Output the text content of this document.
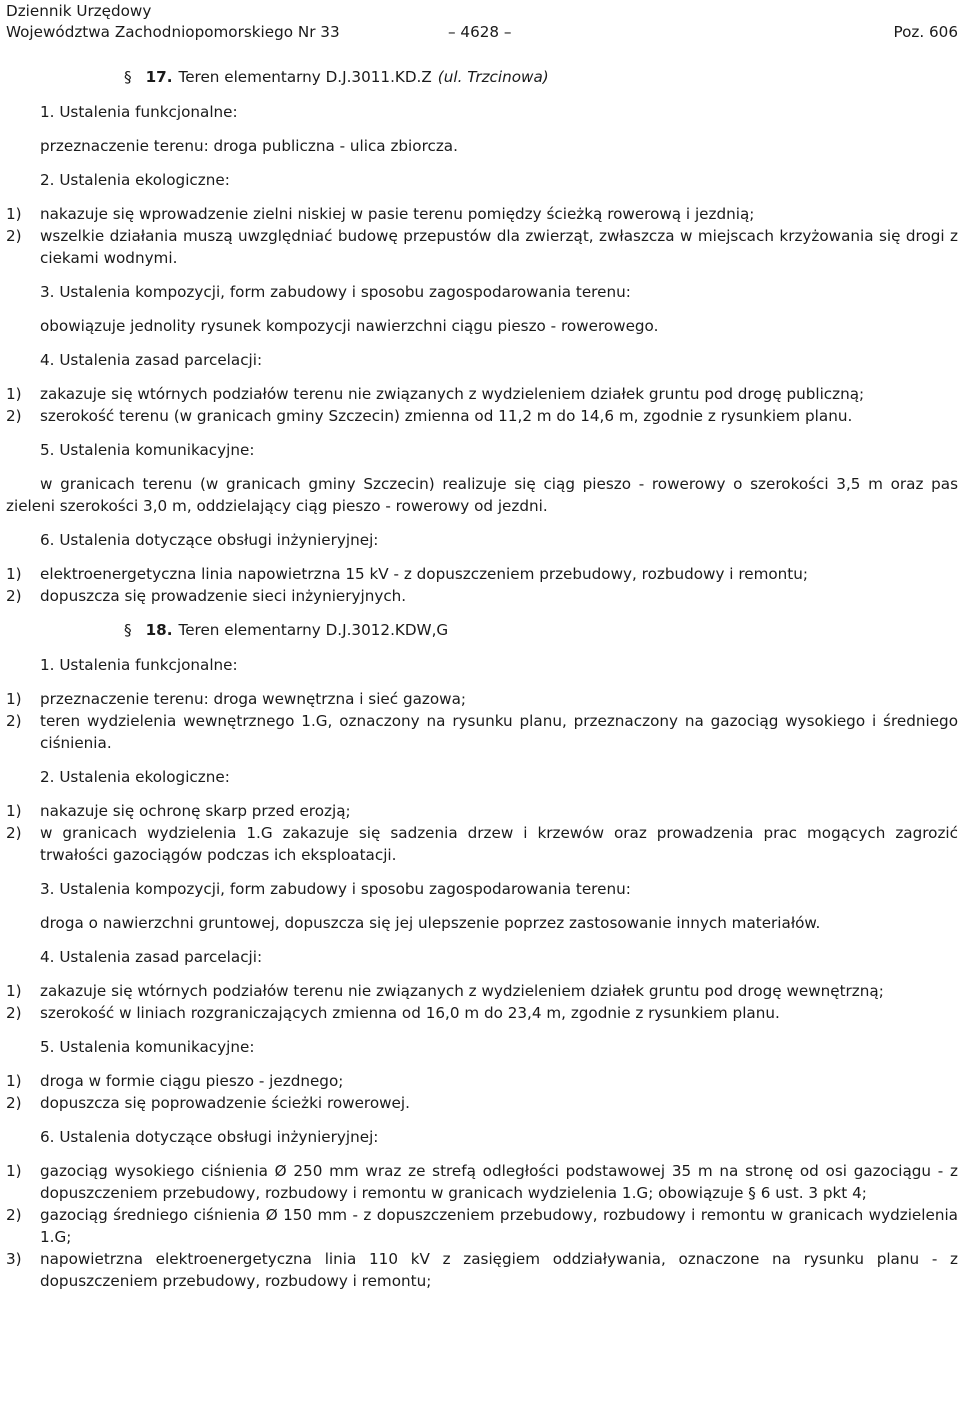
Dziennik Urzędowy
Województwa Zachodniopomorskiego Nr 33	– 4628 –	Poz. 606
§ 17. Teren elementarny D.J.3011.KD.Z (ul. Trzcinowa)
1. Ustalenia funkcjonalne:
przeznaczenie terenu: droga publiczna - ulica zbiorcza.
2. Ustalenia ekologiczne:
1)	nakazuje się wprowadzenie zielni niskiej w pasie terenu pomiędzy ścieżką rowerową i jezdnią;
2)	wszelkie działania muszą uwzględniać budowę przepustów dla zwierząt, zwłaszcza w miejscach krzyżowania się drogi z ciekami wodnymi.
3. Ustalenia kompozycji, form zabudowy i sposobu zagospodarowania terenu:
obowiązuje jednolity rysunek kompozycji nawierzchni ciągu pieszo - rowerowego.
4. Ustalenia zasad parcelacji:
1)	zakazuje się wtórnych podziałów terenu nie związanych z wydzieleniem działek gruntu pod drogę publiczną;
2)	szerokość terenu (w granicach gminy Szczecin) zmienna od 11,2 m do 14,6 m, zgodnie z rysunkiem planu.
5. Ustalenia komunikacyjne:
w granicach terenu (w granicach gminy Szczecin) realizuje się ciąg pieszo - rowerowy o szerokości 3,5 m oraz pas zieleni szerokości 3,0 m, oddzielający ciąg pieszo - rowerowy od jezdni.
6. Ustalenia dotyczące obsługi inżynieryjnej:
1)	elektroenergetyczna linia napowietrzna 15 kV - z dopuszczeniem przebudowy, rozbudowy i remontu;
2)	dopuszcza się prowadzenie sieci inżynieryjnych.
§ 18. Teren elementarny D.J.3012.KDW,G
1. Ustalenia funkcjonalne:
1)	przeznaczenie terenu: droga wewnętrzna i sieć gazowa;
2)	teren wydzielenia wewnętrznego 1.G, oznaczony na rysunku planu, przeznaczony na gazociąg wysokiego i średniego ciśnienia.
2. Ustalenia ekologiczne:
1)	nakazuje się ochronę skarp przed erozją;
2)	w granicach wydzielenia 1.G zakazuje się sadzenia drzew i krzewów oraz prowadzenia prac mogących zagrozić trwałości gazociągów podczas ich eksploatacji.
3. Ustalenia kompozycji, form zabudowy i sposobu zagospodarowania terenu:
droga o nawierzchni gruntowej, dopuszcza się jej ulepszenie poprzez zastosowanie innych materiałów.
4. Ustalenia zasad parcelacji:
1)	zakazuje się wtórnych podziałów terenu nie związanych z wydzieleniem działek gruntu pod drogę wewnętrzną;
2)	szerokość w liniach rozgraniczających zmienna od 16,0 m do 23,4 m, zgodnie z rysunkiem planu.
5. Ustalenia komunikacyjne:
1)	droga w formie ciągu pieszo - jezdnego;
2)	dopuszcza się poprowadzenie ścieżki rowerowej.
6. Ustalenia dotyczące obsługi inżynieryjnej:
1)	gazociąg wysokiego ciśnienia Ø 250 mm wraz ze strefą odległości podstawowej 35 m na stronę od osi gazociągu - z dopuszczeniem przebudowy, rozbudowy i remontu w granicach wydzielenia 1.G; obowiązuje § 6 ust. 3 pkt 4;
2)	gazociąg średniego ciśnienia Ø 150 mm - z dopuszczeniem przebudowy, rozbudowy i remontu w granicach wydzielenia 1.G;
3)	napowietrzna elektroenergetyczna linia 110 kV z zasięgiem oddziaływania, oznaczone na rysunku planu - z dopuszczeniem przebudowy, rozbudowy i remontu;
